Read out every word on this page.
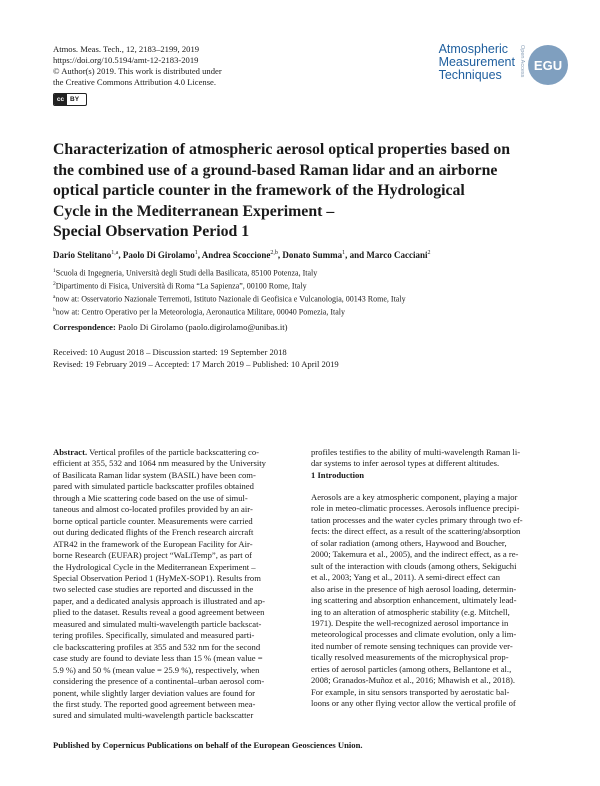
Atmos. Meas. Tech., 12, 2183–2199, 2019
https://doi.org/10.5194/amt-12-2183-2019
© Author(s) 2019. This work is distributed under
the Creative Commons Attribution 4.0 License.
cc BY
Atmospheric
Measurement
Techniques	Open Access EGU
Characterization of atmospheric aerosol optical properties based on
the combined use of a ground-based Raman lidar and an airborne
optical particle counter in the framework of the Hydrological
Cycle in the Mediterranean Experiment –
Special Observation Period 1
Dario Stelitano$^{1,a}$, Paolo Di Girolamo$^1$, Andrea Scoccione$^{2,b}$, Donato Summa$^1$, and Marco Cacciani$^2$
$^1$Scuola di Ingegneria, Università degli Studi della Basilicata, 85100 Potenza, Italy
$^2$Dipartimento di Fisica, Università di Roma “La Sapienza”, 00100 Rome, Italy
$^a$now at: Osservatorio Nazionale Terremoti, Istituto Nazionale di Geofisica e Vulcanologia, 00143 Rome, Italy
$^b$now at: Centro Operativo per la Meteorologia, Aeronautica Militare, 00040 Pomezia, Italy
Correspondence: Paolo Di Girolamo (paolo.digirolamo@unibas.it)
Received: 10 August 2018 – Discussion started: 19 September 2018
Revised: 19 February 2019 – Accepted: 17 March 2019 – Published: 10 April 2019
Abstract. Vertical profiles of the particle backscattering co-
efficient at 355, 532 and 1064 nm measured by the University
of Basilicata Raman lidar system (BASIL) have been com-
pared with simulated particle backscatter profiles obtained
through a Mie scattering code based on the use of simul-
taneous and almost co-located profiles provided by an air-
borne optical particle counter. Measurements were carried
out during dedicated flights of the French research aircraft
ATR42 in the framework of the European Facility for Air-
borne Research (EUFAR) project “WaLiTemp”, as part of
the Hydrological Cycle in the Mediterranean Experiment –
Special Observation Period 1 (HyMeX-SOP1). Results from
two selected case studies are reported and discussed in the
paper, and a dedicated analysis approach is illustrated and ap-
plied to the dataset. Results reveal a good agreement between
measured and simulated multi-wavelength particle backscat-
tering profiles. Specifically, simulated and measured parti-
cle backscattering profiles at 355 and 532 nm for the second
case study are found to deviate less than 15 % (mean value =
5.9 %) and 50 % (mean value = 25.9 %), respectively, when
considering the presence of a continental–urban aerosol com-
ponent, while slightly larger deviation values are found for
the first study. The reported good agreement between mea-
sured and simulated multi-wavelength particle backscatter
profiles testifies to the ability of multi-wavelength Raman li-
dar systems to infer aerosol types at different altitudes.
1 Introduction
Aerosols are a key atmospheric component, playing a major
role in meteo-climatic processes. Aerosols influence precipi-
tation processes and the water cycles primary through two ef-
fects: the direct effect, as a result of the scattering/absorption
of solar radiation (among others, Haywood and Boucher,
2000; Takemura et al., 2005), and the indirect effect, as a re-
sult of the interaction with clouds (among others, Sekiguchi
et al., 2003; Yang et al., 2011). A semi-direct effect can
also arise in the presence of high aerosol loading, determin-
ing scattering and absorption enhancement, ultimately lead-
ing to an alteration of atmospheric stability (e.g. Mitchell,
1971). Despite the well-recognized aerosol importance in
meteorological processes and climate evolution, only a lim-
ited number of remote sensing techniques can provide ver-
tically resolved measurements of the microphysical prop-
erties of aerosol particles (among others, Bellantone et al.,
2008; Granados-Muñoz et al., 2016; Mhawish et al., 2018).
For example, in situ sensors transported by aerostatic bal-
loons or any other flying vector allow the vertical profile of
Published by Copernicus Publications on behalf of the European Geosciences Union.
